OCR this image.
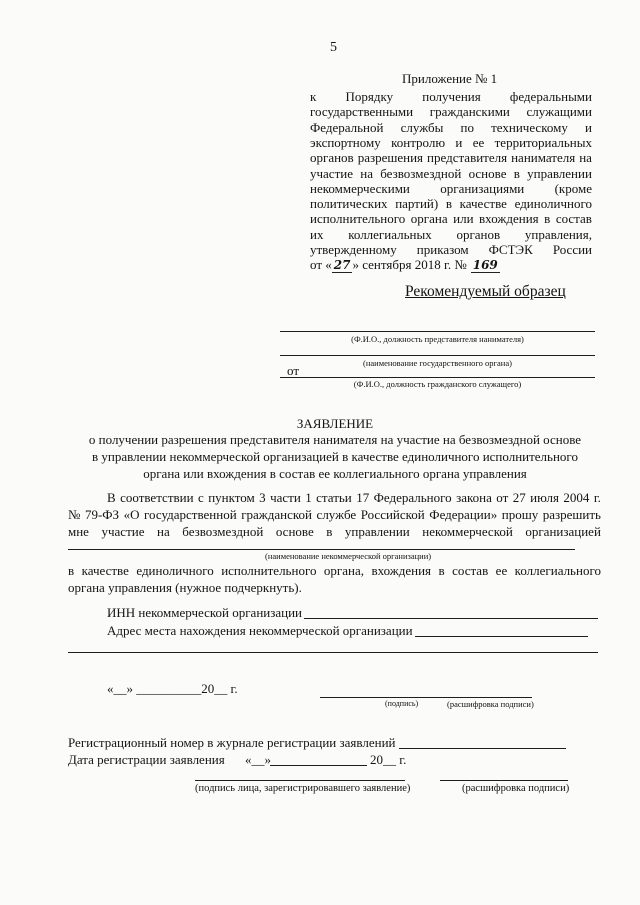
5
Приложение № 1
к Порядку получения федеральными
государственными гражданскими служащими
Федеральной службы по техническому и
экспортному контролю и ее территориальных
органов разрешения представителя нанимателя на
участие на безвозмездной основе в управлении
некоммерческими организациями (кроме
политических партий) в качестве единоличного
исполнительного органа или вхождения в состав
их коллегиальных органов управления,
утвержденному приказом ФСТЭК России
от « 27 » сентября 2018 г. № 169
Рекомендуемый образец
(Ф.И.О., должность представителя нанимателя)
(наименование государственного органа)
от
(Ф.И.О., должность гражданского служащего)
ЗАЯВЛЕНИЕ
о получении разрешения представителя нанимателя на участие на безвозмездной основе
в управлении некоммерческой организацией в качестве единоличного исполнительного
органа или вхождения в состав ее коллегиального органа управления
В соответствии с пунктом 3 части 1 статьи 17 Федерального закона от 27 июля 2004 г.
№ 79-ФЗ «О государственной гражданской службе Российской Федерации» прошу разрешить
мне участие на безвозмездной основе в управлении некоммерческой организацией
(наименование некоммерческой организации)
в качестве единоличного исполнительного органа, вхождения в состав ее коллегиального
органа управления (нужное подчеркнуть).
ИНН некоммерческой организации
Адрес места нахождения некоммерческой организации
«__» __________20__ г.
(подпись)	(расшифровка подписи)
Регистрационный номер в журнале регистрации заявлений
Дата регистрации заявления «__»	20__ г.
(подпись лица, зарегистрировавшего заявление)	(расшифровка подписи)
